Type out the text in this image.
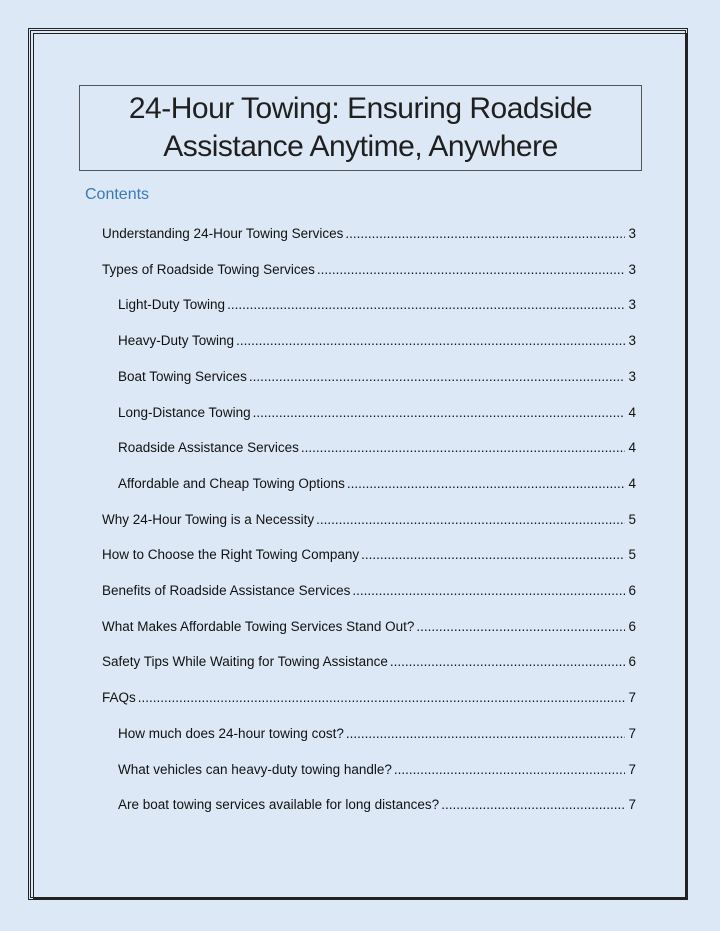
24-Hour Towing: Ensuring Roadside
Assistance Anytime, Anywhere
Contents
Understanding 24-Hour Towing Services .....	3
Types of Roadside Towing Services .....	3
Light-Duty Towing .....	3
Heavy-Duty Towing .....	3
Boat Towing Services .....	3
Long-Distance Towing .....	4
Roadside Assistance Services .....	4
Affordable and Cheap Towing Options .....	4
Why 24-Hour Towing is a Necessity .....	5
How to Choose the Right Towing Company .....	5
Benefits of Roadside Assistance Services .....	6
What Makes Affordable Towing Services Stand Out? .....	6
Safety Tips While Waiting for Towing Assistance .....	6
FAQs .....	7
How much does 24-hour towing cost? .....	7
What vehicles can heavy-duty towing handle? .....	7
Are boat towing services available for long distances? .....	7
